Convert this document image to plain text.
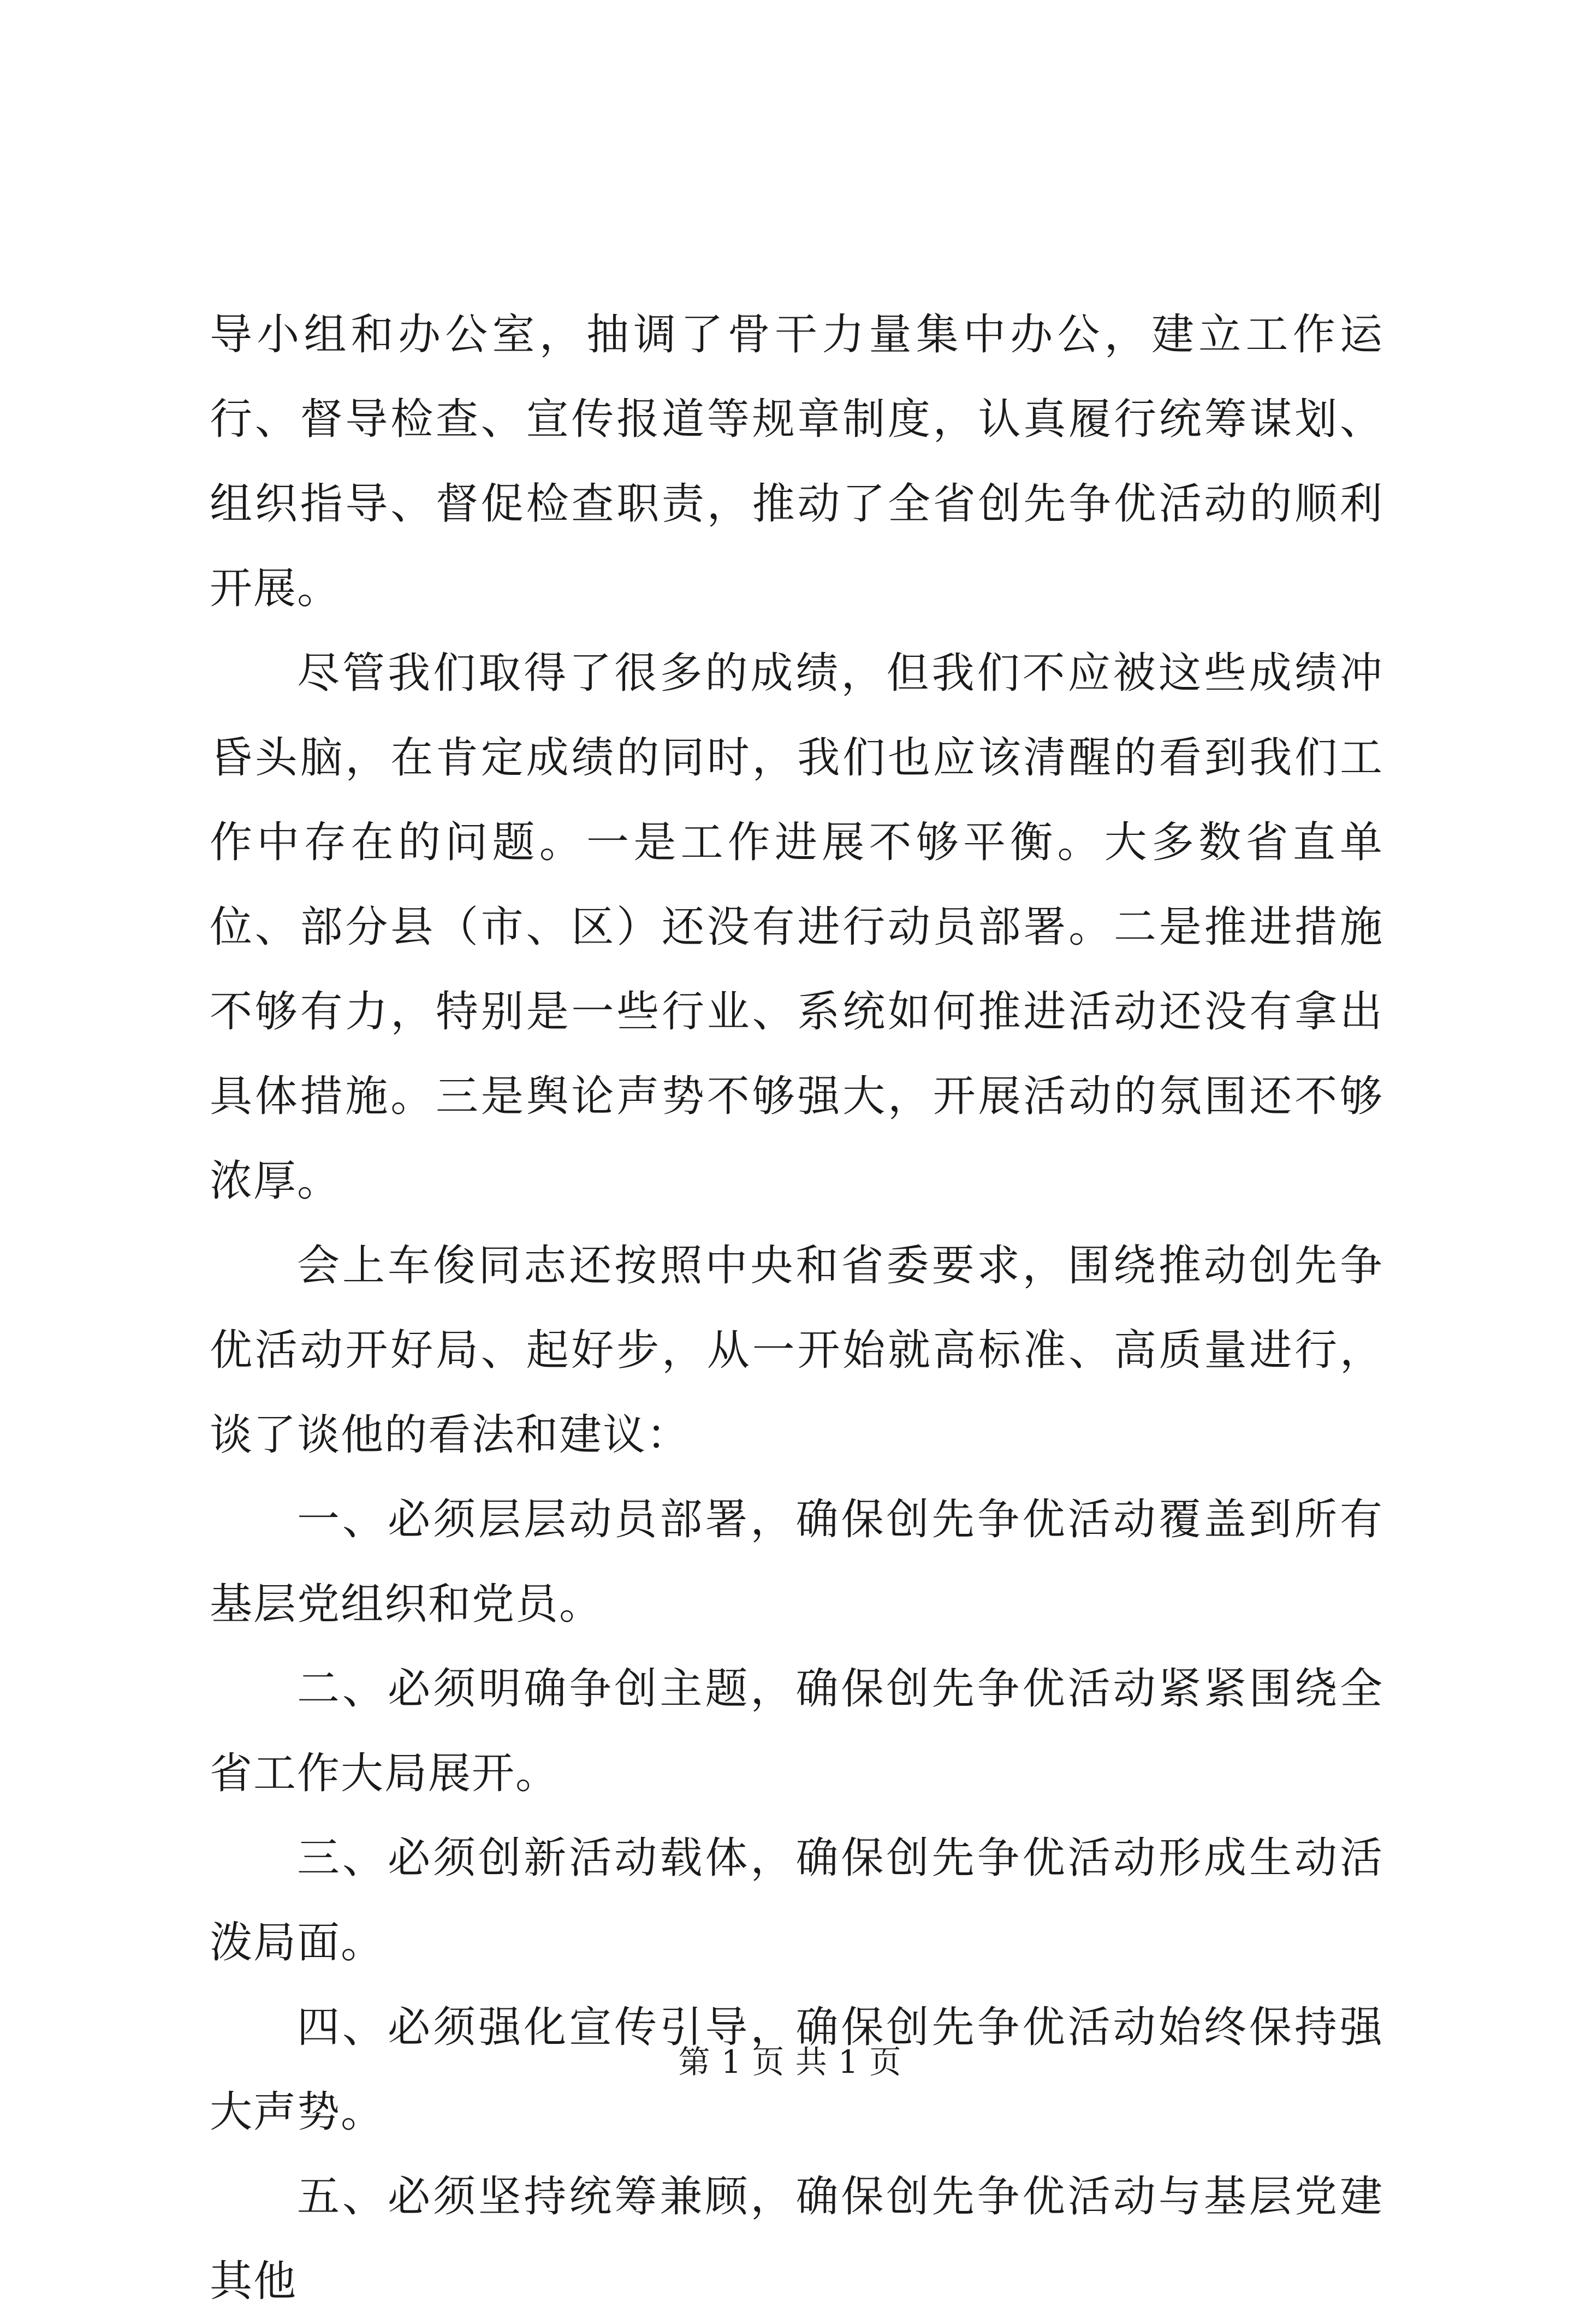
导小组和办公室，抽调了骨干力量集中办公，建立工作运行、督导检查、宣传报道等规章制度，认真履行统筹谋划、组织指导、督促检查职责，推动了全省创先争优活动的顺利开展。

尽管我们取得了很多的成绩，但我们不应被这些成绩冲昏头脑，在肯定成绩的同时，我们也应该清醒的看到我们工作中存在的问题。一是工作进展不够平衡。大多数省直单位、部分县（市、区）还没有进行动员部署。二是推进措施不够有力，特别是一些行业、系统如何推进活动还没有拿出具体措施。三是舆论声势不够强大，开展活动的氛围还不够浓厚。

会上车俊同志还按照中央和省委要求，围绕推动创先争优活动开好局、起好步，从一开始就高标准、高质量进行，谈了谈他的看法和建议：

一、必须层层动员部署，确保创先争优活动覆盖到所有基层党组织和党员。

二、必须明确争创主题，确保创先争优活动紧紧围绕全省工作大局展开。

三、必须创新活动载体，确保创先争优活动形成生动活泼局面。

四、必须强化宣传引导，确保创先争优活动始终保持强大声势。

五、必须坚持统筹兼顾，确保创先争优活动与基层党建其他

第 1 页 共 1 页
